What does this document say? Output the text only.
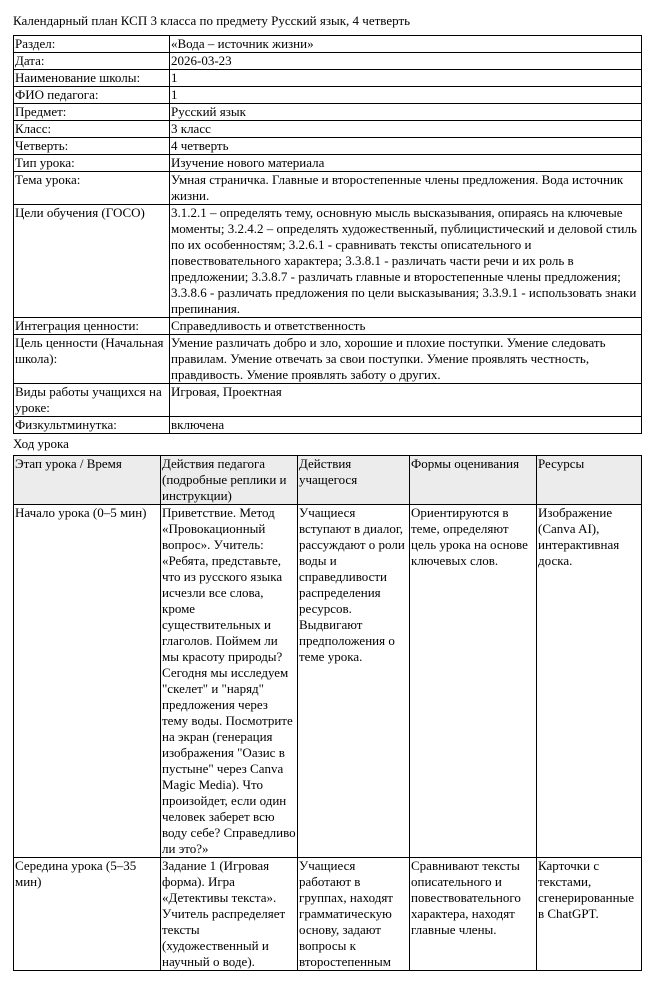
Календарный план КСП 3 класса по предмету Русский язык, 4 четверть
Раздел:	«Вода – источник жизни»
Дата:	2026-03-23
Наименование школы:	1
ФИО педагога:	1
Предмет:	Русский язык
Класс:	3 класс
Четверть:	4 четверть
Тип урока:	Изучение нового материала
Тема урока:	Умная страничка. Главные и второстепенные члены предложения. Вода источник жизни.
Цели обучения (ГОСО)	3.1.2.1 – определять тему, основную мысль высказывания, опираясь на ключевые моменты; 3.2.4.2 – определять художественный, публицистический и деловой стиль по их особенностям; 3.2.6.1 - сравнивать тексты описательного и повествовательного характера; 3.3.8.1 - различать части речи и их роль в предложении; 3.3.8.7 - различать главные и второстепенные члены предложения; 3.3.8.6 - различать предложения по цели высказывания; 3.3.9.1 - использовать знаки препинания.
Интеграция ценности:	Справедливость и ответственность
Цель ценности (Начальная школа):	Умение различать добро и зло, хорошие и плохие поступки. Умение следовать правилам. Умение отвечать за свои поступки. Умение проявлять честность, правдивость. Умение проявлять заботу о других.
Виды работы учащихся на уроке:	Игровая, Проектная
Физкультминутка:	включена
Ход урока
Этап урока / Время	Действия педагога (подробные реплики и инструкции)	Действия учащегося	Формы оценивания	Ресурсы
Начало урока (0–5 мин)	Приветствие. Метод «Провокационный вопрос». Учитель: «Ребята, представьте, что из русского языка исчезли все слова, кроме существительных и глаголов. Поймем ли мы красоту природы? Сегодня мы исследуем "скелет" и "наряд" предложения через тему воды. Посмотрите на экран (генерация изображения "Оазис в пустыне" через Canva Magic Media). Что произойдет, если один человек заберет всю воду себе? Справедливо ли это?»	Учащиеся вступают в диалог, рассуждают о роли воды и справедливости распределения ресурсов. Выдвигают предположения о теме урока.	Ориентируются в теме, определяют цель урока на основе ключевых слов.	Изображение (Canva AI), интерактивная доска.
Середина урока (5–35 мин)	Задание 1 (Игровая форма). Игра «Детективы текста». Учитель распределяет тексты (художественный и научный о воде).	Учащиеся работают в группах, находят грамматическую основу, задают вопросы к второстепенным	Сравнивают тексты описательного и повествовательного характера, находят главные члены.	Карточки с текстами, сгенерированные в ChatGPT.
